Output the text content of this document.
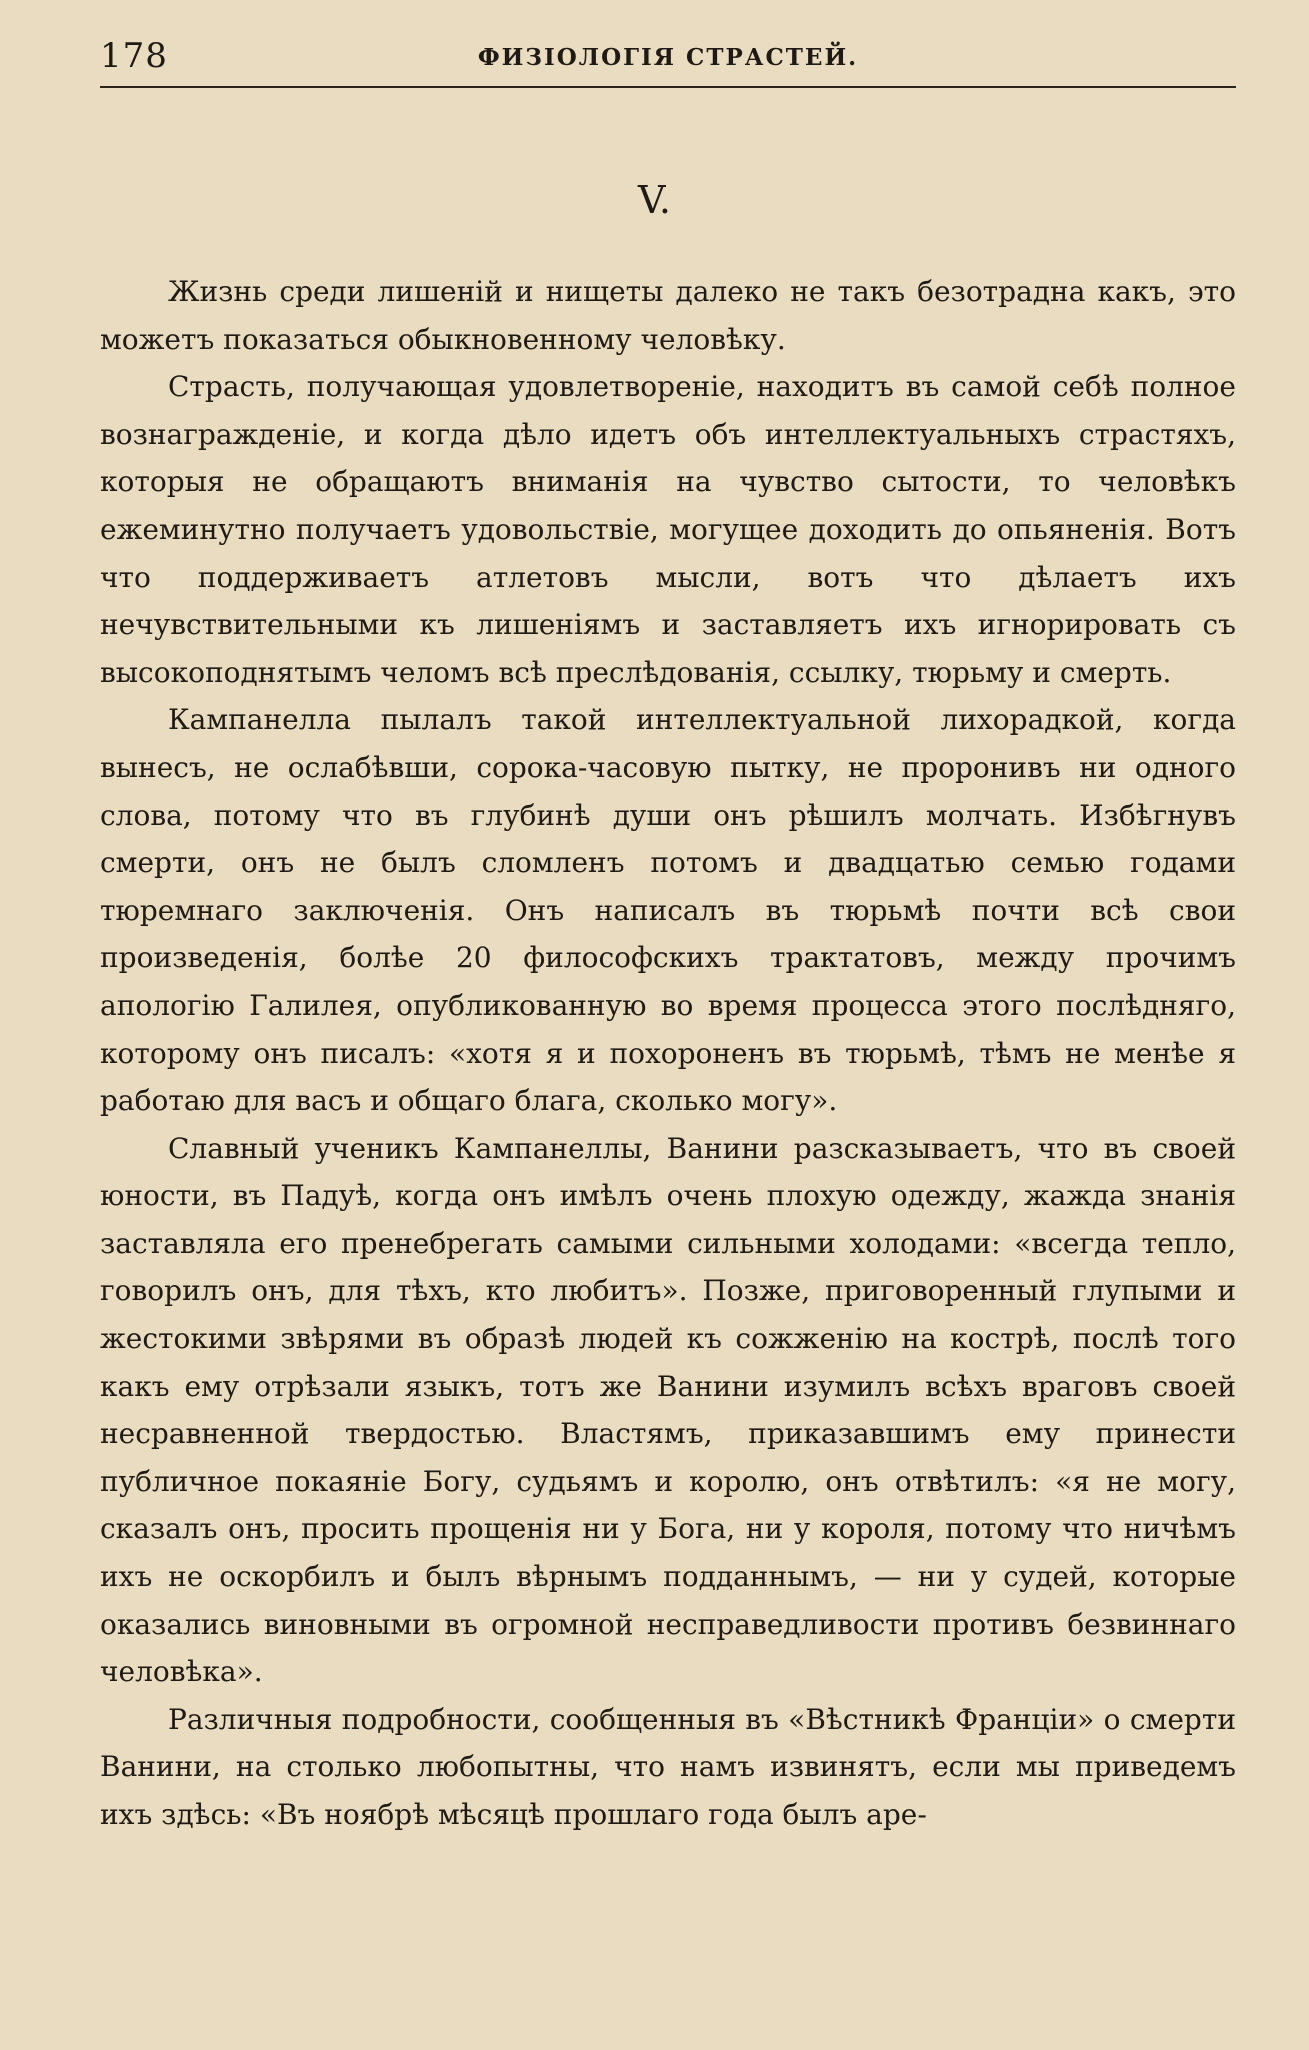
178	ФИЗІОЛОГІЯ СТРАСТЕЙ.
V.

Жизнь среди лишеній и нищеты далеко не такъ безотрадна какъ, это можетъ показаться обыкновенному человѣку.

Страсть, получающая удовлетвореніе, находитъ въ самой себѣ полное вознагражденіе, и когда дѣло идетъ объ интеллектуальныхъ страстяхъ, которыя не обращаютъ вниманія на чувство сытости, то человѣкъ ежеминутно получаетъ удовольствіе, могущее доходить до опьяненія. Вотъ что поддерживаетъ атлетовъ мысли, вотъ что дѣлаетъ ихъ нечувствительными къ лишеніямъ и заставляетъ ихъ игнорировать съ высокоподнятымъ челомъ всѣ преслѣдованія, ссылку, тюрьму и смерть.

Кампанелла пылалъ такой интеллектуальной лихорадкой, когда вынесъ, не ослабѣвши, сорока-часовую пытку, не проронивъ ни одного слова, потому что въ глубинѣ души онъ рѣшилъ молчать. Избѣгнувъ смерти, онъ не былъ сломленъ потомъ и двадцатью семью годами тюремнаго заключенія. Онъ написалъ въ тюрьмѣ почти всѣ свои произведенія, болѣе 20 философскихъ трактатовъ, между прочимъ апологію Галилея, опубликованную во время процесса этого послѣдняго, которому онъ писалъ: «хотя я и похороненъ въ тюрьмѣ, тѣмъ не менѣе я работаю для васъ и общаго блага, сколько могу».

Славный ученикъ Кампанеллы, Ванини разсказываетъ, что въ своей юности, въ Падуѣ, когда онъ имѣлъ очень плохую одежду, жажда знанія заставляла его пренебрегать самыми сильными холодами: «всегда тепло, говорилъ онъ, для тѣхъ, кто любитъ». Позже, приговоренный глупыми и жестокими звѣрями въ образѣ людей къ сожженію на кострѣ, послѣ того какъ ему отрѣзали языкъ, тотъ же Ванини изумилъ всѣхъ враговъ своей несравненной твердостью. Властямъ, приказавшимъ ему принести публичное покаяніе Богу, судьямъ и королю, онъ отвѣтилъ: «я не могу, сказалъ онъ, просить прощенія ни у Бога, ни у короля, потому что ничѣмъ ихъ не оскорбилъ и былъ вѣрнымъ подданнымъ, — ни у судей, которые оказались виновными въ огромной несправедливости противъ безвиннаго человѣка».

Различныя подробности, сообщенныя въ «Вѣстникѣ Франціи» о смерти Ванини, на столько любопытны, что намъ извинятъ, если мы приведемъ ихъ здѣсь: «Въ ноябрѣ мѣсяцѣ прошлаго года былъ аре-
